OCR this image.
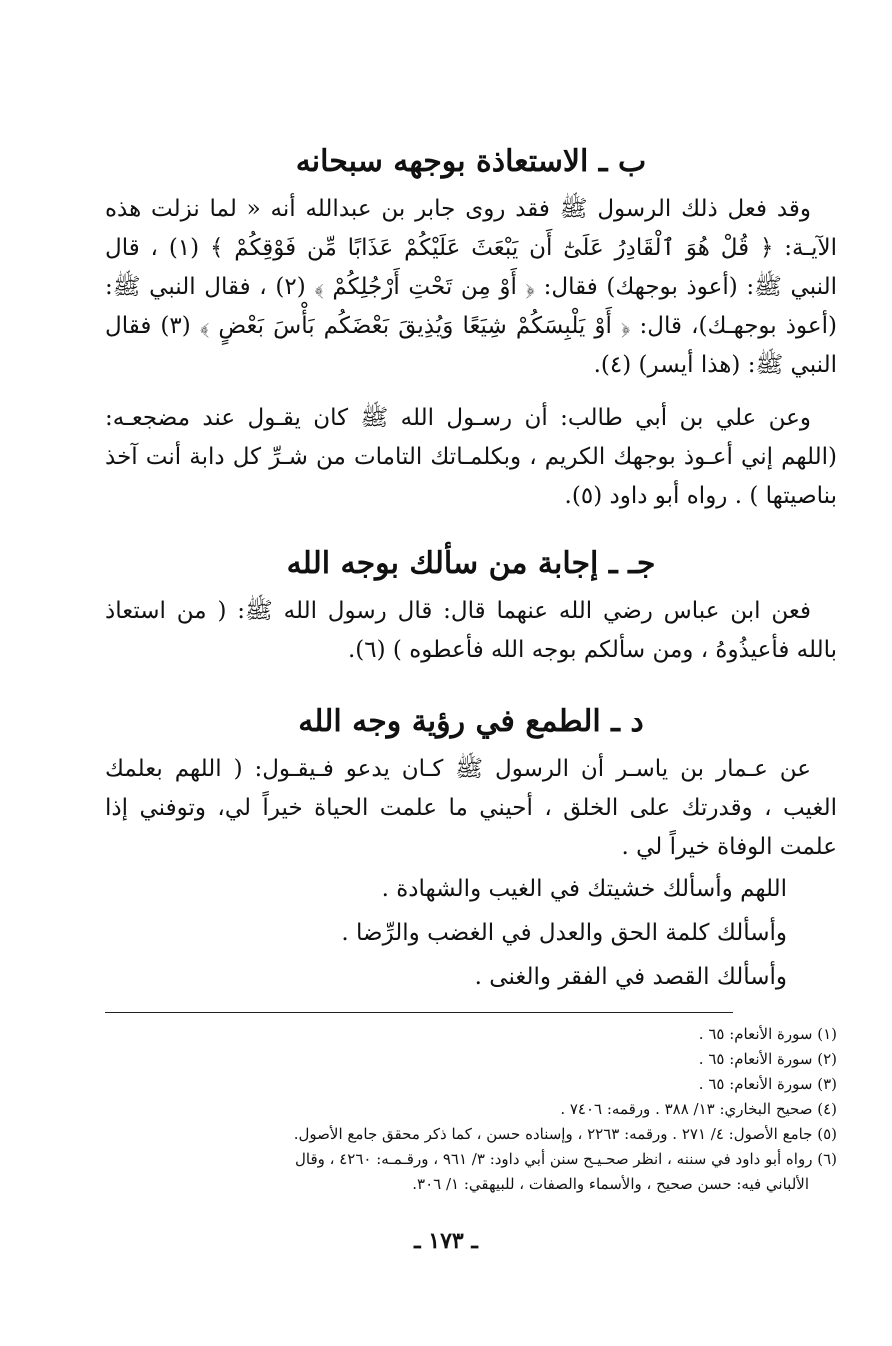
ب ـ الاستعاذة بوجهه سبحانه

وقد فعل ذلك الرسول ﷺ فقد روى جابر بن عبدالله أنه « لما نزلت هذه الآيـة: ﴿ قُلْ هُوَ ٱلْقَادِرُ عَلَىٰٓ أَن يَبْعَثَ عَلَيْكُمْ عَذَابًا مِّن فَوْقِكُمْ ﴾ (١) ، قال النبي ﷺ: (أعوذ بوجهك) فقال: ﴿ أَوْ مِن تَحْتِ أَرْجُلِكُمْ ﴾ (٢) ، فقال النبي ﷺ: (أعوذ بوجهـك)، قال: ﴿ أَوْ يَلْبِسَكُمْ شِيَعًا وَيُذِيقَ بَعْضَكُم بَأْسَ بَعْضٍ ﴾ (٣) فقال النبي ﷺ: (هذا أيسر) (٤).

وعن علي بن أبي طالب: أن رسـول الله ﷺ كان يقـول عند مضجعـه: (اللهم إني أعـوذ بوجهك الكريم ، وبكلمـاتك التامات من شـرِّ كل دابة أنت آخذ بناصيتها ) . رواه أبو داود (٥).

جـ ـ إجابة من سألك بوجه الله

فعن ابن عباس رضي الله عنهما قال: قال رسول الله ﷺ: ( من استعاذ بالله فأعيذُوهُ ، ومن سألكم بوجه الله فأعطوه ) (٦).

د ـ الطمع في رؤية وجه الله

عن عـمار بن ياسـر أن الرسول ﷺ كـان يدعو فـيقـول: ( اللهم بعلمك الغيب ، وقدرتك على الخلق ، أحيني ما علمت الحياة خيراً لي، وتوفني إذا علمت الوفاة خيراً لي .

اللهم وأسألك خشيتك في الغيب والشهادة .

وأسألك كلمة الحق والعدل في الغضب والرِّضا .

وأسألك القصد في الفقر والغنى .

(١) سورة الأنعام: ٦٥ .

(٢) سورة الأنعام: ٦٥ .

(٣) سورة الأنعام: ٦٥ .

(٤) صحيح البخاري: ١٣/ ٣٨٨ . ورقمه: ٧٤٠٦ .

(٥) جامع الأصول: ٤/ ٢٧١ . ورقمه: ٢٢٦٣ ، وإسناده حسن ، كما ذكر محقق جامع الأصول.

(٦) رواه أبو داود في سننه ، انظر صحـيـح سنن أبي داود: ٣/ ٩٦١ ، ورقـمـه: ٤٢٦٠ ، وقال

الألباني فيه: حسن صحيح ، والأسماء والصفات ، للبيهقي: ١/ ٣٠٦.

ـ ١٧٣ ـ
